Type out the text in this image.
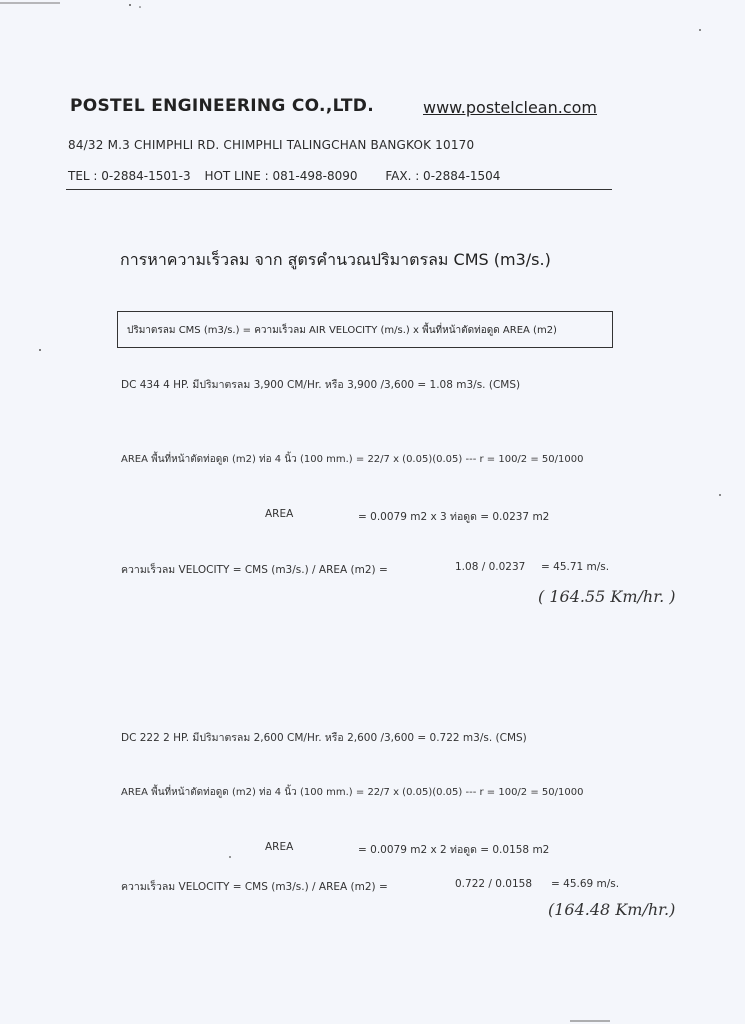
POSTEL ENGINEERING CO.,LTD.	www.postelclean.com
84/32 M.3 CHIMPHLI RD. CHIMPHLI TALINGCHAN BANGKOK 10170
TEL : 0-2884-1501-3 HOT LINE : 081-498-8090 FAX. : 0-2884-1504
การหาความเร็วลม จาก สูตรคำนวณปริมาตรลม CMS (m3/s.)
ปริมาตรลม CMS (m3/s.) = ความเร็วลม AIR VELOCITY (m/s.) x พื้นที่หน้าตัดท่อดูด AREA (m2)
DC 434 4 HP. มีปริมาตรลม 3,900 CM/Hr. หรือ 3,900 /3,600 = 1.08 m3/s. (CMS)
AREA พื้นที่หน้าตัดท่อดูด (m2) ท่อ 4 นิ้ว (100 mm.) = 22/7 x (0.05)(0.05) --- r = 100/2 = 50/1000
AREA	= 0.0079 m2 x 3 ท่อดูด = 0.0237 m2
ความเร็วลม VELOCITY = CMS (m3/s.) / AREA (m2) =	1.08 / 0.0237 = 45.71 m/s.
( 164.55 Km/hr. )
DC 222 2 HP. มีปริมาตรลม 2,600 CM/Hr. หรือ 2,600 /3,600 = 0.722 m3/s. (CMS)
AREA พื้นที่หน้าตัดท่อดูด (m2) ท่อ 4 นิ้ว (100 mm.) = 22/7 x (0.05)(0.05) --- r = 100/2 = 50/1000
AREA	= 0.0079 m2 x 2 ท่อดูด = 0.0158 m2
ความเร็วลม VELOCITY = CMS (m3/s.) / AREA (m2) =	0.722 / 0.0158 = 45.69 m/s.
(164.48 Km/hr.)
